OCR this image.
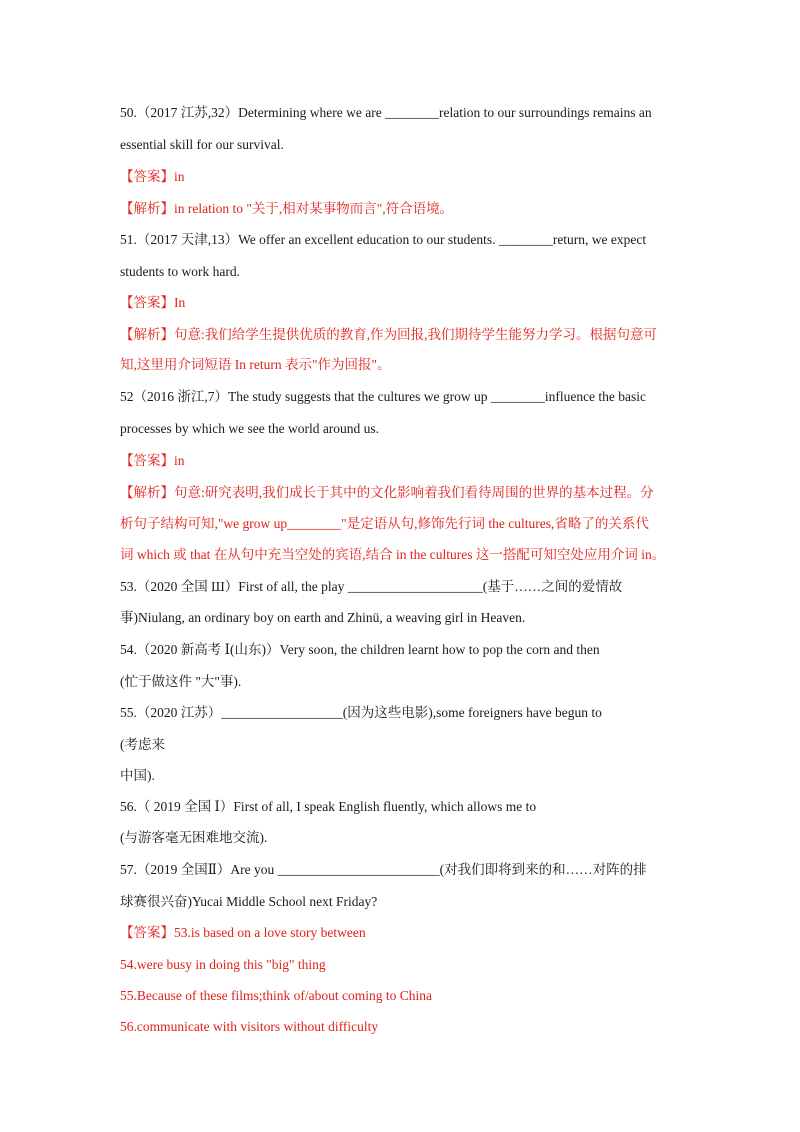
50.（2017 江苏,32）Determining where we are ________relation to our surroundings remains an
essential skill for our survival.
【答案】in
【解析】in relation to "关于,相对某事物而言",符合语境。
51.（2017 天津,13）We offer an excellent education to our students. ________return, we expect
students to work hard.
【答案】In
【解析】句意:我们给学生提供优质的教育,作为回报,我们期待学生能努力学习。根据句意可
知,这里用介词短语 In return 表示"作为回报"。
52（2016 浙江,7）The study suggests that the cultures we grow up ________influence the basic
processes by which we see the world around us.
【答案】in
【解析】句意:研究表明,我们成长于其中的文化影响着我们看待周围的世界的基本过程。分
析句子结构可知,"we grow up________"是定语从句,修饰先行词 the cultures,省略了的关系代
词 which 或 that 在从句中充当空处的宾语,结合 in the cultures 这一搭配可知空处应用介词 in。
53.（2020 全国 Ш）First of all, the play ____________________(基于……之间的爱情故
事)Niulang, an ordinary boy on earth and Zhinü, a weaving girl in Heaven.
54.（2020 新高考 Ⅰ(山东)）Very soon, the children learnt how to pop the corn and then
(忙于做这件 "大"事).
55.（2020 江苏）__________________(因为这些电影),some foreigners have begun to
(考虑来
中国).
56.（ 2019 全国 Ⅰ）First of all, I speak English fluently, which allows me to
(与游客毫无困难地交流).
57.（2019 全国Ⅱ）Are you ________________________(对我们即将到来的和……对阵的排
球赛很兴奋)Yucai Middle School next Friday?
【答案】53.is based on a love story between
54.were busy in doing this "big" thing
55.Because of these films;think of/about coming to China
56.communicate with visitors without difficulty
